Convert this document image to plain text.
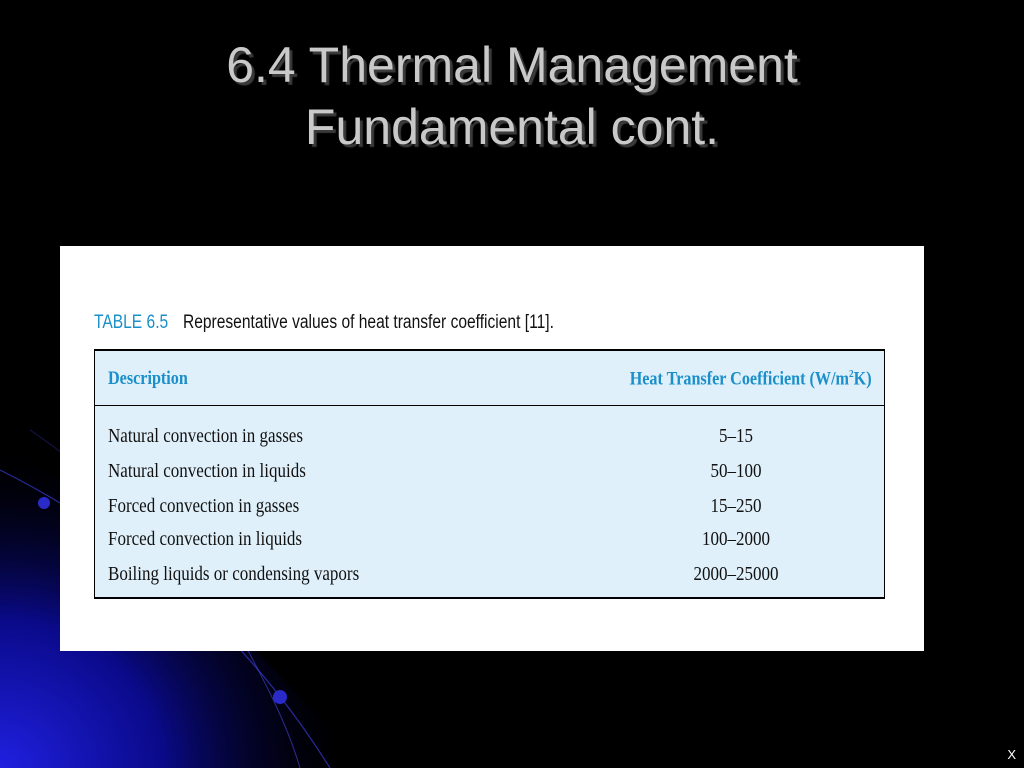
6.4 Thermal Management
Fundamental cont.
TABLE 6.5 Representative values of heat transfer coefficient [11].
Description	Heat Transfer Coefficient $(W/m^2K)$
Natural convection in gasses	5–15
Natural convection in liquids	50–100
Forced convection in gasses	15–250
Forced convection in liquids	100–2000
Boiling liquids or condensing vapors	2000–25000
X
